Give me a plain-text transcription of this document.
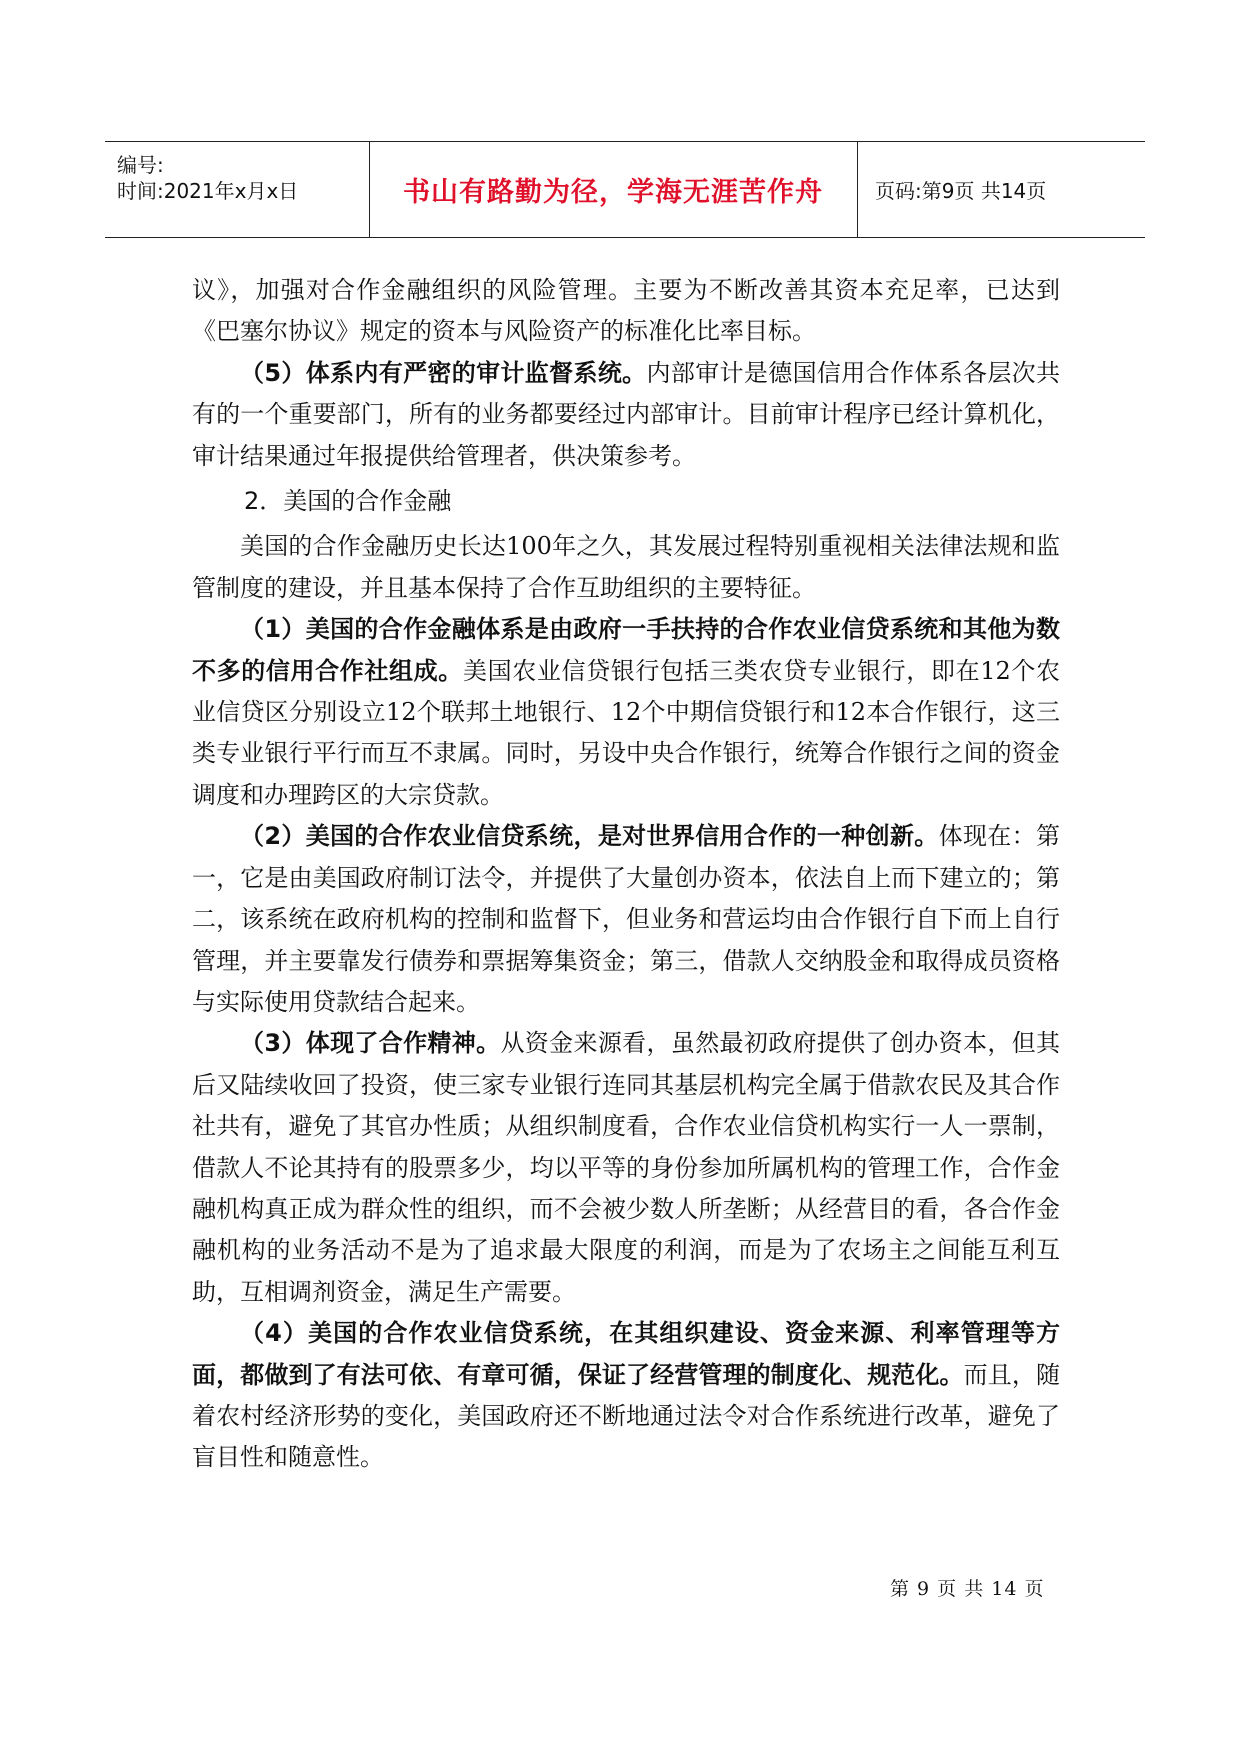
编号:
时间:2021年x月x日	书山有路勤为径，学海无涯苦作舟	页码:第9页 共14页

议》，加强对合作金融组织的风险管理。主要为不断改善其资本充足率，已达到《巴塞尔协议》规定的资本与风险资产的标准化比率目标。

（5）体系内有严密的审计监督系统。内部审计是德国信用合作体系各层次共有的一个重要部门，所有的业务都要经过内部审计。目前审计程序已经计算机化，审计结果通过年报提供给管理者，供决策参考。

2．美国的合作金融

美国的合作金融历史长达100年之久，其发展过程特别重视相关法律法规和监管制度的建设，并且基本保持了合作互助组织的主要特征。

（1）美国的合作金融体系是由政府一手扶持的合作农业信贷系统和其他为数不多的信用合作社组成。美国农业信贷银行包括三类农贷专业银行，即在12个农业信贷区分别设立12个联邦土地银行、12个中期信贷银行和12本合作银行，这三类专业银行平行而互不隶属。同时，另设中央合作银行，统筹合作银行之间的资金调度和办理跨区的大宗贷款。

（2）美国的合作农业信贷系统，是对世界信用合作的一种创新。体现在：第一，它是由美国政府制订法令，并提供了大量创办资本，依法自上而下建立的；第二，该系统在政府机构的控制和监督下，但业务和营运均由合作银行自下而上自行管理，并主要靠发行债券和票据筹集资金；第三，借款人交纳股金和取得成员资格与实际使用贷款结合起来。

（3）体现了合作精神。从资金来源看，虽然最初政府提供了创办资本，但其后又陆续收回了投资，使三家专业银行连同其基层机构完全属于借款农民及其合作社共有，避免了其官办性质；从组织制度看，合作农业信贷机构实行一人一票制，借款人不论其持有的股票多少，均以平等的身份参加所属机构的管理工作，合作金融机构真正成为群众性的组织，而不会被少数人所垄断；从经营目的看，各合作金融机构的业务活动不是为了追求最大限度的利润，而是为了农场主之间能互利互助，互相调剂资金，满足生产需要。

（4）美国的合作农业信贷系统，在其组织建设、资金来源、利率管理等方面，都做到了有法可依、有章可循，保证了经营管理的制度化、规范化。而且，随着农村经济形势的变化，美国政府还不断地通过法令对合作系统进行改革，避免了盲目性和随意性。

第 9 页 共 14 页
